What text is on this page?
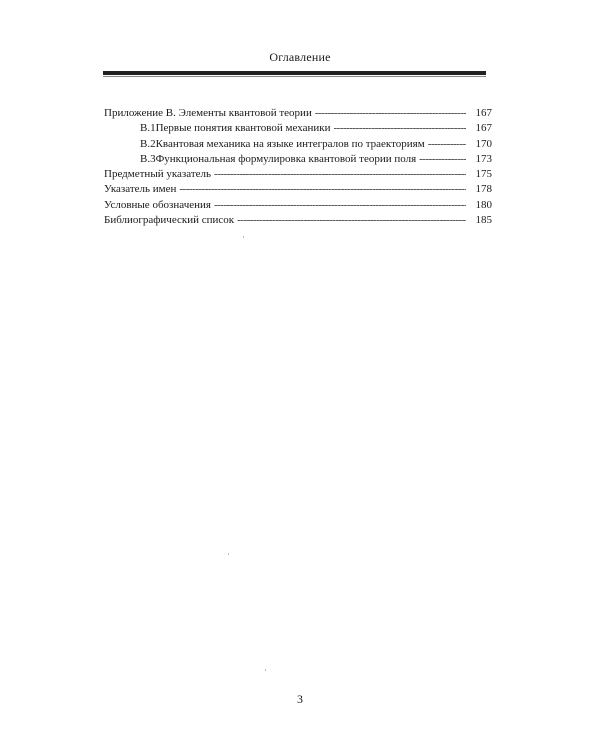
Оглавление
Приложение В. Элементы квантовой теории -----	167
B.1 Первые понятия квантовой механики -----	167
B.2 Квантовая механика на языке интегралов по траекториям -----	170
B.3 Функциональная формулировка квантовой теории поля -----	173
Предметный указатель -----	175
Указатель имен -----	178
Условные обозначения -----	180
Библиографический список -----	185
3
